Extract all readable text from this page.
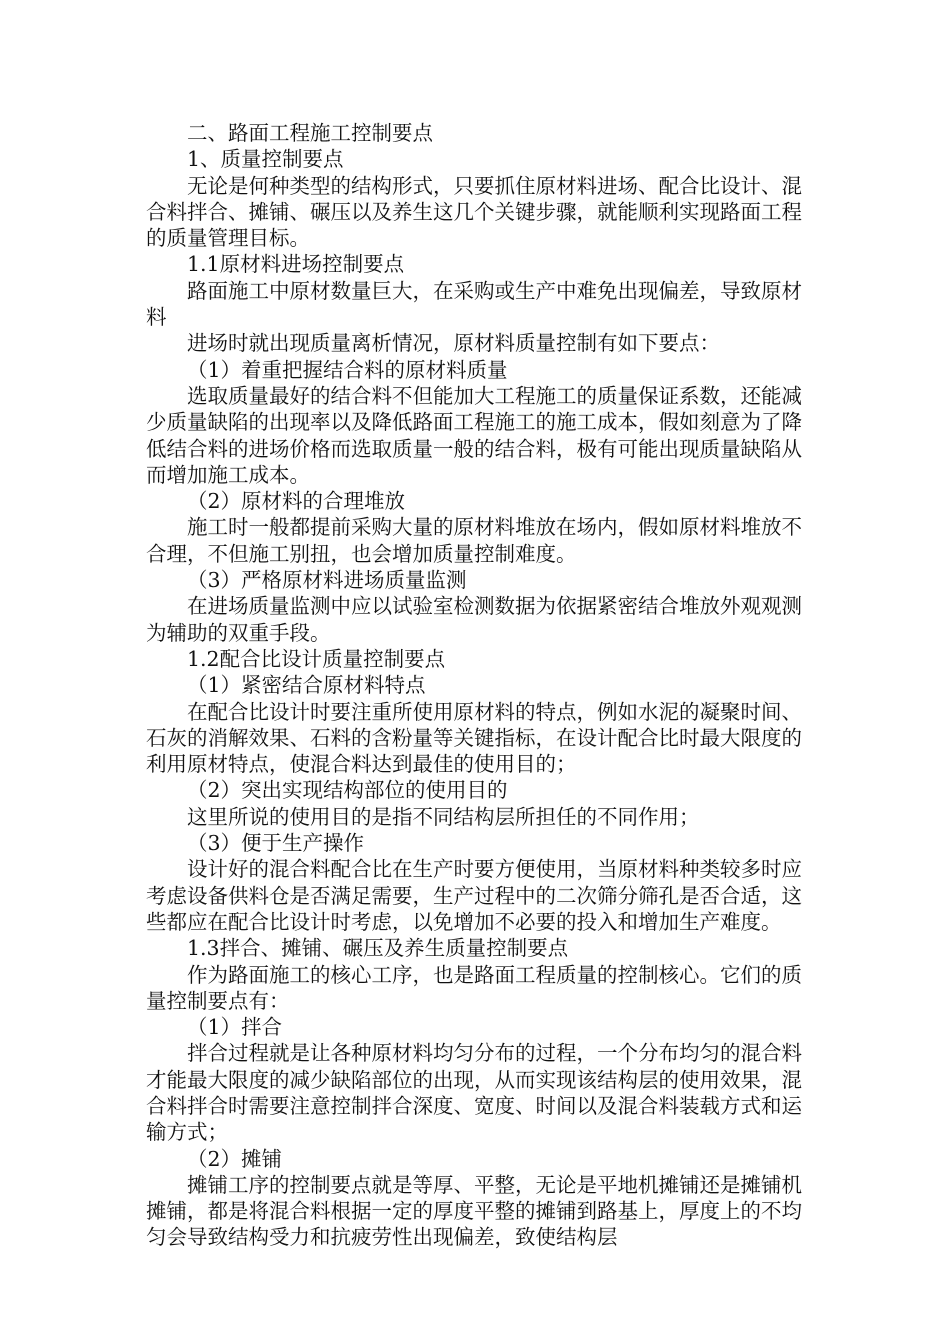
二、路面工程施工控制要点

1、质量控制要点

无论是何种类型的结构形式，只要抓住原材料进场、配合比设计、混合料拌合、摊铺、碾压以及养生这几个关键步骤，就能顺利实现路面工程的质量管理目标。

1.1原材料进场控制要点

路面施工中原材数量巨大，在采购或生产中难免出现偏差，导致原材料

进场时就出现质量离析情况，原材料质量控制有如下要点：

（1）着重把握结合料的原材料质量

选取质量最好的结合料不但能加大工程施工的质量保证系数，还能减少质量缺陷的出现率以及降低路面工程施工的施工成本，假如刻意为了降低结合料的进场价格而选取质量一般的结合料，极有可能出现质量缺陷从而增加施工成本。

（2）原材料的合理堆放

施工时一般都提前采购大量的原材料堆放在场内，假如原材料堆放不合理，不但施工别扭，也会增加质量控制难度。

（3）严格原材料进场质量监测

在进场质量监测中应以试验室检测数据为依据紧密结合堆放外观观测为辅助的双重手段。

1.2配合比设计质量控制要点

（1）紧密结合原材料特点

在配合比设计时要注重所使用原材料的特点，例如水泥的凝聚时间、石灰的消解效果、石料的含粉量等关键指标，在设计配合比时最大限度的利用原材特点，使混合料达到最佳的使用目的；

（2）突出实现结构部位的使用目的

这里所说的使用目的是指不同结构层所担任的不同作用；

（3）便于生产操作

设计好的混合料配合比在生产时要方便使用，当原材料种类较多时应考虑设备供料仓是否满足需要，生产过程中的二次筛分筛孔是否合适，这些都应在配合比设计时考虑，以免增加不必要的投入和增加生产难度。

1.3拌合、摊铺、碾压及养生质量控制要点

作为路面施工的核心工序，也是路面工程质量的控制核心。它们的质量控制要点有：

（1）拌合

拌合过程就是让各种原材料均匀分布的过程，一个分布均匀的混合料才能最大限度的减少缺陷部位的出现，从而实现该结构层的使用效果，混合料拌合时需要注意控制拌合深度、宽度、时间以及混合料装载方式和运输方式；

（2）摊铺

摊铺工序的控制要点就是等厚、平整，无论是平地机摊铺还是摊铺机摊铺，都是将混合料根据一定的厚度平整的摊铺到路基上，厚度上的不均匀会导致结构受力和抗疲劳性出现偏差，致使结构层
